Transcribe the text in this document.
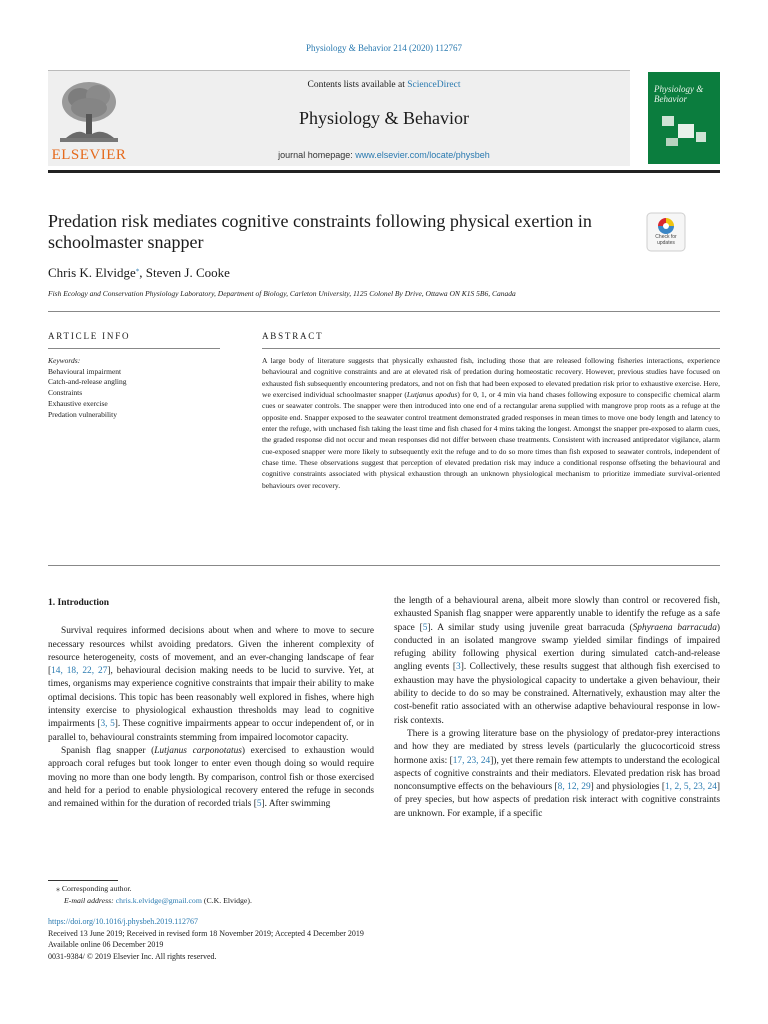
Physiology & Behavior 214 (2020) 112767
ELSEVIER
Contents lists available at ScienceDirect
Physiology & Behavior
journal homepage: www.elsevier.com/locate/physbeh
Physiology & Behavior
Predation risk mediates cognitive constraints following physical exertion in schoolmaster snapper	Check for updates
Chris K. Elvidge⁎, Steven J. Cooke
Fish Ecology and Conservation Physiology Laboratory, Department of Biology, Carleton University, 1125 Colonel By Drive, Ottawa ON K1S 5B6, Canada
ARTICLE INFO	ABSTRACT
Keywords:
Behavioural impairment
Catch-and-release angling
Constraints
Exhaustive exercise
Predation vulnerability
A large body of literature suggests that physically exhausted fish, including those that are released following fisheries interactions, experience behavioural and cognitive constraints and are at elevated risk of predation during homeostatic recovery. However, previous studies have focused on exhausted fish subsequently encountering predators, and not on fish that had been exposed to elevated predation risk prior to exhaustive exercise. Here, we exercised individual schoolmaster snapper (Lutjanus apodus) for 0, 1, or 4 min via hand chases following exposure to conspecific chemical alarm cues or seawater controls. The snapper were then introduced into one end of a rectangular arena supplied with mangrove prop roots as a refuge at the opposite end. Snapper exposed to the seawater control treatment demonstrated graded responses in mean times to move one body length and latency to enter the refuge, with unchased fish taking the least time and fish chased for 4 mins taking the longest. Amongst the snapper pre-exposed to alarm cues, the graded response did not occur and mean responses did not differ between chase treatments. Consistent with increased antipredator vigilance, alarm cue-exposed snapper were more likely to subsequently exit the refuge and to do so more times than fish exposed to seawater controls, independent of chase time. These observations suggest that perception of elevated predation risk may induce a conditional response offseting the behavioural and cognitive constraints associated with physical exhaustion through an unknown physiological mechanism to prioritize immediate survival-oriented behaviours over recovery.
1. Introduction

Survival requires informed decisions about when and where to move to secure necessary resources whilst avoiding predators. Given the inherent complexity of resource heterogeneity, costs of movement, and an ever-changing landscape of fear [14, 18, 22, 27], behavioural decision making needs to be lucid to survive. Yet, at times, organisms may experience cognitive constraints that impair their ability to make optimal decisions. This topic has been reasonably well explored in fishes, where high intensity exercise to physiological exhaustion thresholds may lead to cognitive impairments [3, 5]. These cognitive impairments appear to occur independent of, or in parallel to, behavioural constraints stemming from impaired locomotor capacity.

Spanish flag snapper (Lutjanus carponotatus) exercised to exhaustion would approach coral refuges but took longer to enter even though doing so would require moving no more than one body length. By comparison, control fish or those exercised and held for a period to enable physiological recovery entered the refuge in seconds and remained within for the duration of recorded trials [5]. After swimming

the length of a behavioural arena, albeit more slowly than control or recovered fish, exhausted Spanish flag snapper were apparently unable to identify the refuge as a safe space [5]. A similar study using juvenile great barracuda (Sphyraena barracuda) conducted in an isolated mangrove swamp yielded similar findings of impaired refuging ability following physical exertion during simulated catch-and-release angling events [3]. Collectively, these results suggest that although fish exercised to exhaustion may have the physiological capacity to undertake a given behaviour, their ability to decide to do so may be constrained. Alternatively, exhaustion may alter the cost-benefit ratio associated with an otherwise adaptive behavioural response in low-risk contexts.

There is a growing literature base on the physiology of predator-prey interactions and how they are mediated by stress levels (particularly the glucocorticoid stress hormone axis: [17, 23, 24]), yet there remain few attempts to understand the ecological aspects of cognitive constraints and their mediators. Elevated predation risk has broad nonconsumptive effects on the behaviours [8, 12, 29] and physiologies [1, 2, 5, 23, 24] of prey species, but how aspects of predation risk interact with cognitive constraints are unknown. For example, if a specific

⁎ Corresponding author.
E-mail address: chris.k.elvidge@gmail.com (C.K. Elvidge).
https://doi.org/10.1016/j.physbeh.2019.112767
Received 13 June 2019; Received in revised form 18 November 2019; Accepted 4 December 2019
Available online 06 December 2019
0031-9384/ © 2019 Elsevier Inc. All rights reserved.
